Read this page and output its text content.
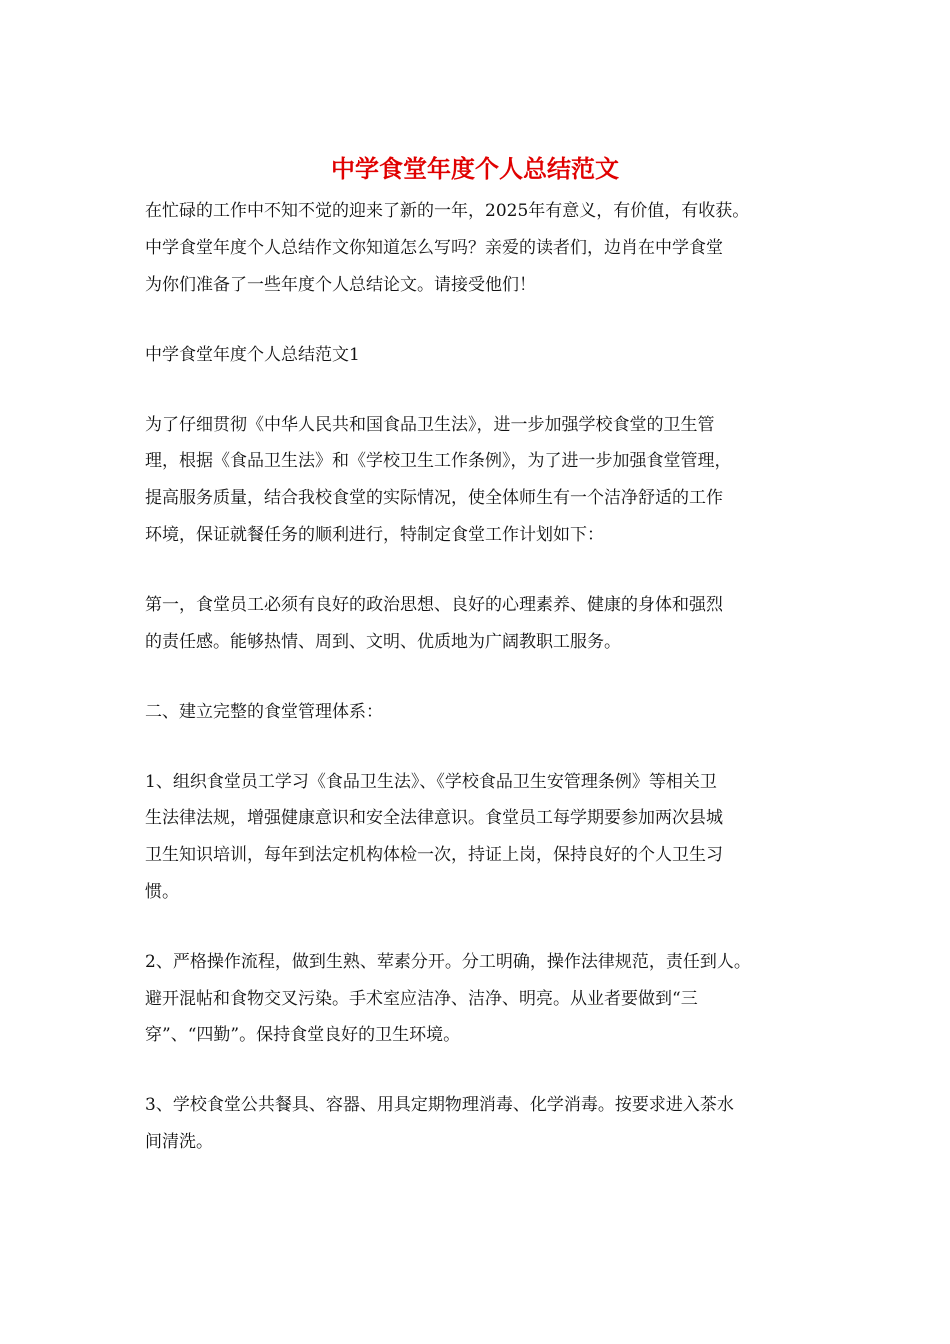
中学食堂年度个人总结范文
在忙碌的工作中不知不觉的迎来了新的一年，2025年有意义，有价值，有收获。
中学食堂年度个人总结作文你知道怎么写吗？亲爱的读者们，边肖在中学食堂
为你们准备了一些年度个人总结论文。请接受他们！
中学食堂年度个人总结范文1
为了仔细贯彻《中华人民共和国食品卫生法》，进一步加强学校食堂的卫生管
理，根据《食品卫生法》和《学校卫生工作条例》，为了进一步加强食堂管理，
提高服务质量，结合我校食堂的实际情况，使全体师生有一个洁净舒适的工作
环境，保证就餐任务的顺利进行，特制定食堂工作计划如下：
第一，食堂员工必须有良好的政治思想、良好的心理素养、健康的身体和强烈
的责任感。能够热情、周到、文明、优质地为广阔教职工服务。
二、建立完整的食堂管理体系：
1、组织食堂员工学习《食品卫生法》、《学校食品卫生安管理条例》等相关卫
生法律法规，增强健康意识和安全法律意识。食堂员工每学期要参加两次县城
卫生知识培训，每年到法定机构体检一次，持证上岗，保持良好的个人卫生习
惯。
2、严格操作流程，做到生熟、荤素分开。分工明确，操作法律规范，责任到人。
避开混帖和食物交叉污染。手术室应洁净、洁净、明亮。从业者要做到“三
穿”、“四勤”。保持食堂良好的卫生环境。
3、学校食堂公共餐具、容器、用具定期物理消毒、化学消毒。按要求进入茶水
间清洗。
